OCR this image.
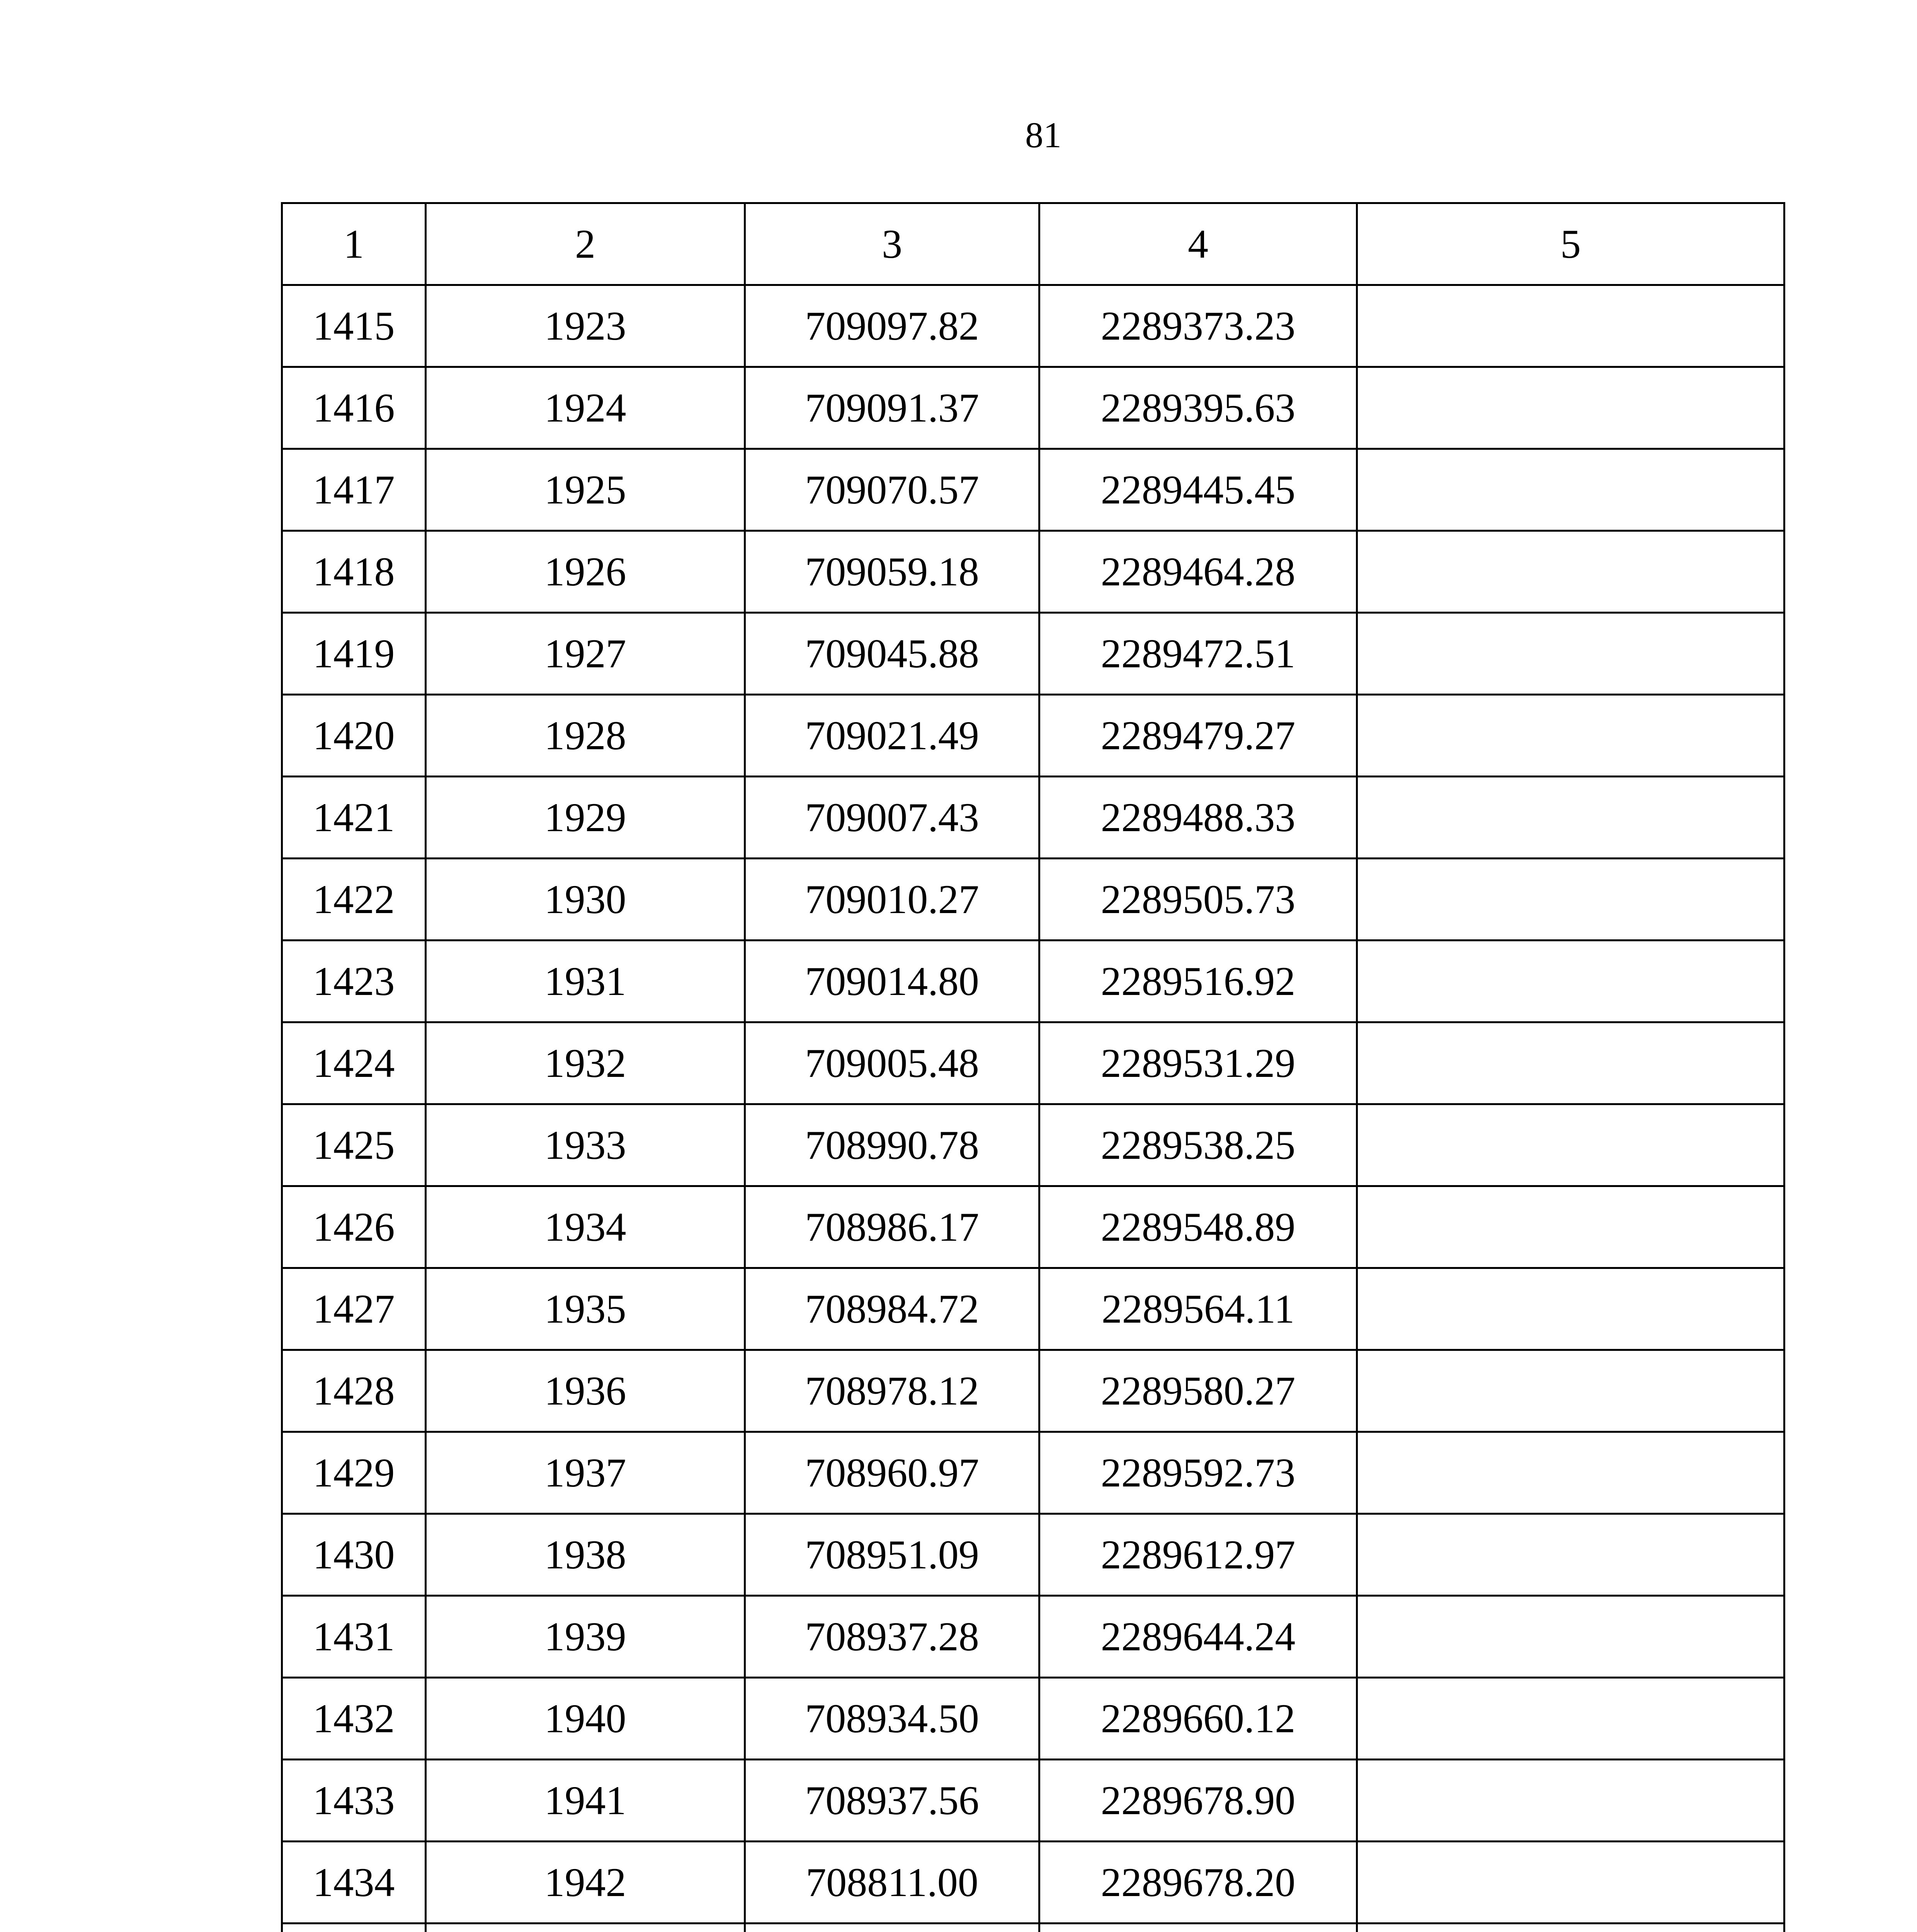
81
1	2	3	4	5
1415	1923	709097.82	2289373.23	
1416	1924	709091.37	2289395.63	
1417	1925	709070.57	2289445.45	
1418	1926	709059.18	2289464.28	
1419	1927	709045.88	2289472.51	
1420	1928	709021.49	2289479.27	
1421	1929	709007.43	2289488.33	
1422	1930	709010.27	2289505.73	
1423	1931	709014.80	2289516.92	
1424	1932	709005.48	2289531.29	
1425	1933	708990.78	2289538.25	
1426	1934	708986.17	2289548.89	
1427	1935	708984.72	2289564.11	
1428	1936	708978.12	2289580.27	
1429	1937	708960.97	2289592.73	
1430	1938	708951.09	2289612.97	
1431	1939	708937.28	2289644.24	
1432	1940	708934.50	2289660.12	
1433	1941	708937.56	2289678.90	
1434	1942	708811.00	2289678.20	
